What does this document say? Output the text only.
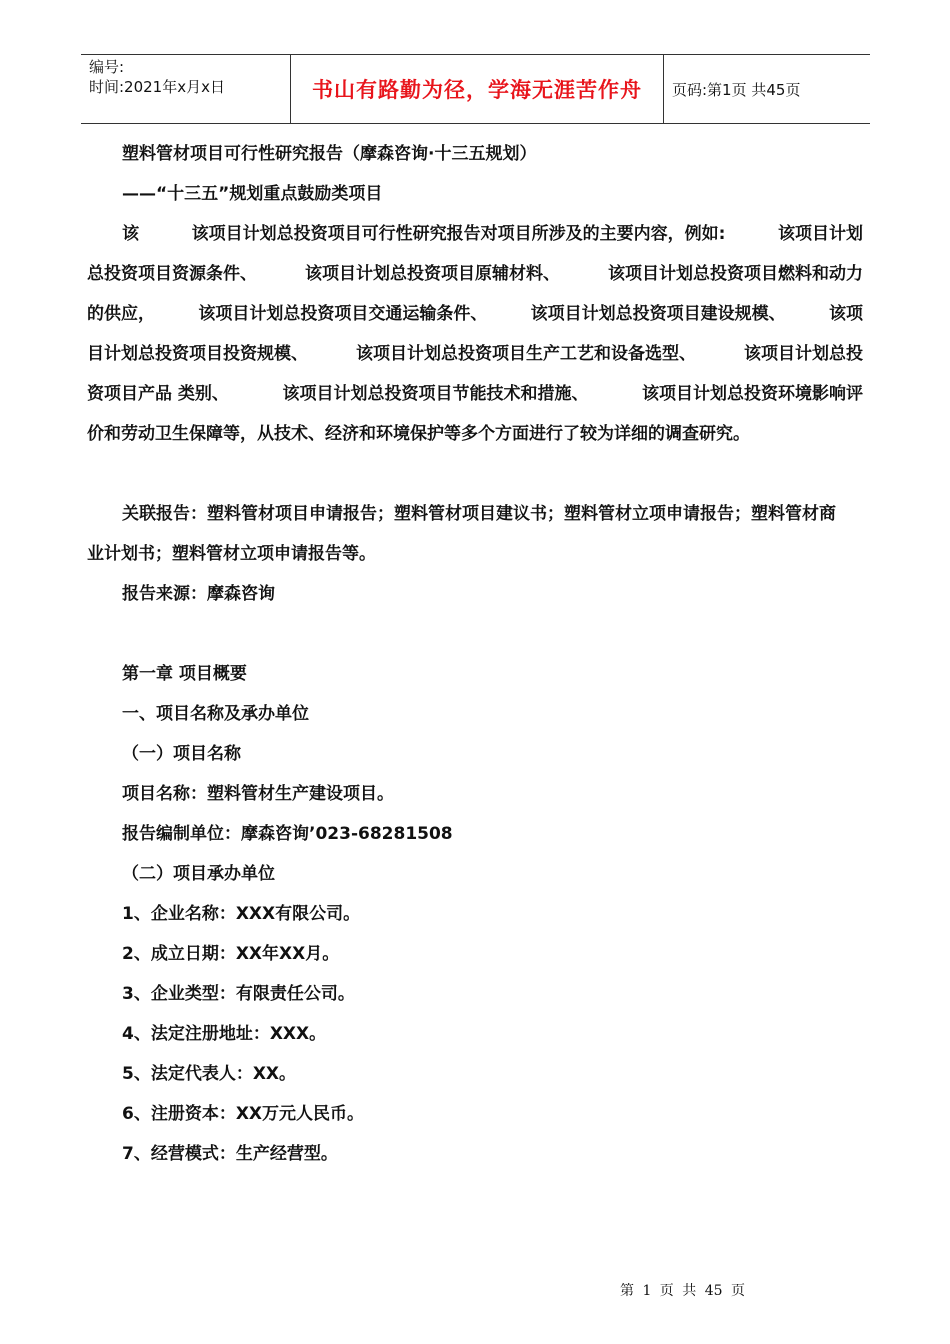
编号:
时间:2021年x月x日	书山有路勤为径，学海无涯苦作舟	页码:第1页 共45页
塑料管材项目可行性研究报告（摩森咨询·十三五规划）
——“十三五”规划重点鼓励类项目
该	该项目计划总投资项目可行性研究报告对项目所涉及的主要内容，例如:	该项目计划
总投资项目资源条件、	该项目计划总投资项目原辅材料、	该项目计划总投资项目燃料和动力
的供应，	该项目计划总投资项目交通运输条件、	该项目计划总投资项目建设规模、	该项
目计划总投资项目投资规模、	该项目计划总投资项目生产工艺和设备选型、	该项目计划总投
资项目产品 类别、	该项目计划总投资项目节能技术和措施、	该项目计划总投资环境影响评
价和劳动卫生保障等，从技术、经济和环境保护等多个方面进行了较为详细的调查研究。
关联报告：塑料管材项目申请报告；塑料管材项目建议书；塑料管材立项申请报告；塑料管材商
业计划书；塑料管材立项申请报告等。
报告来源：摩森咨询
第一章 项目概要
一、项目名称及承办单位
（一）项目名称
项目名称：塑料管材生产建设项目。
报告编制单位：摩森咨询’023-68281508
（二）项目承办单位
1、企业名称：XXX有限公司。
2、成立日期：XX年XX月。
3、企业类型：有限责任公司。
4、法定注册地址：XXX。
5、法定代表人：XX。
6、注册资本：XX万元人民币。
7、经营模式：生产经营型。
第 1 页 共 45 页
